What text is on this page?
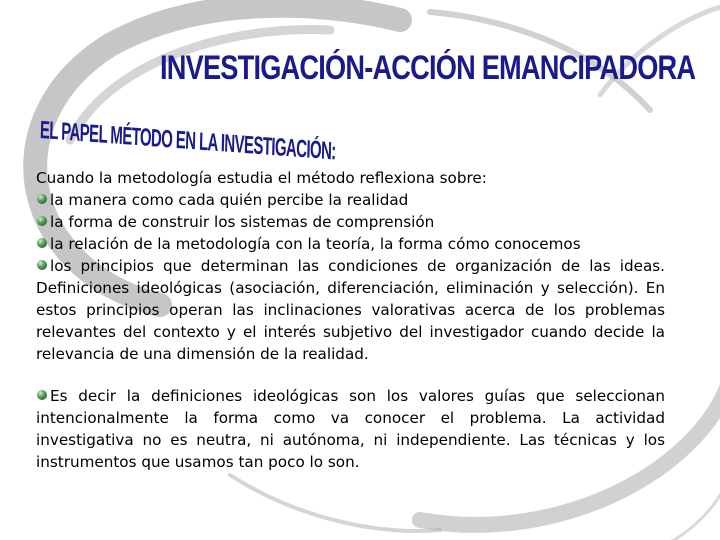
INVESTIGACIÓN-ACCIÓN EMANCIPADORA
EL PAPEL MÉTODO EN LA INVESTIGACIÓN:

Cuando la metodología estudia el método reflexiona sobre:

la manera como cada quién percibe la realidad

la forma de construir los sistemas de comprensión

la relación de la metodología con la teoría, la forma cómo conocemos

los principios que determinan las condiciones de organización de las ideas. Definiciones ideológicas (asociación, diferenciación, eliminación y selección). En estos principios operan las inclinaciones valorativas acerca de los problemas relevantes del contexto y el interés subjetivo del investigador cuando decide la relevancia de una dimensión de la realidad.

Es decir la definiciones ideológicas son los valores guías que seleccionan intencionalmente la forma como va conocer el problema. La actividad investigativa no es neutra, ni autónoma, ni independiente. Las técnicas y los instrumentos que usamos tan poco lo son.
